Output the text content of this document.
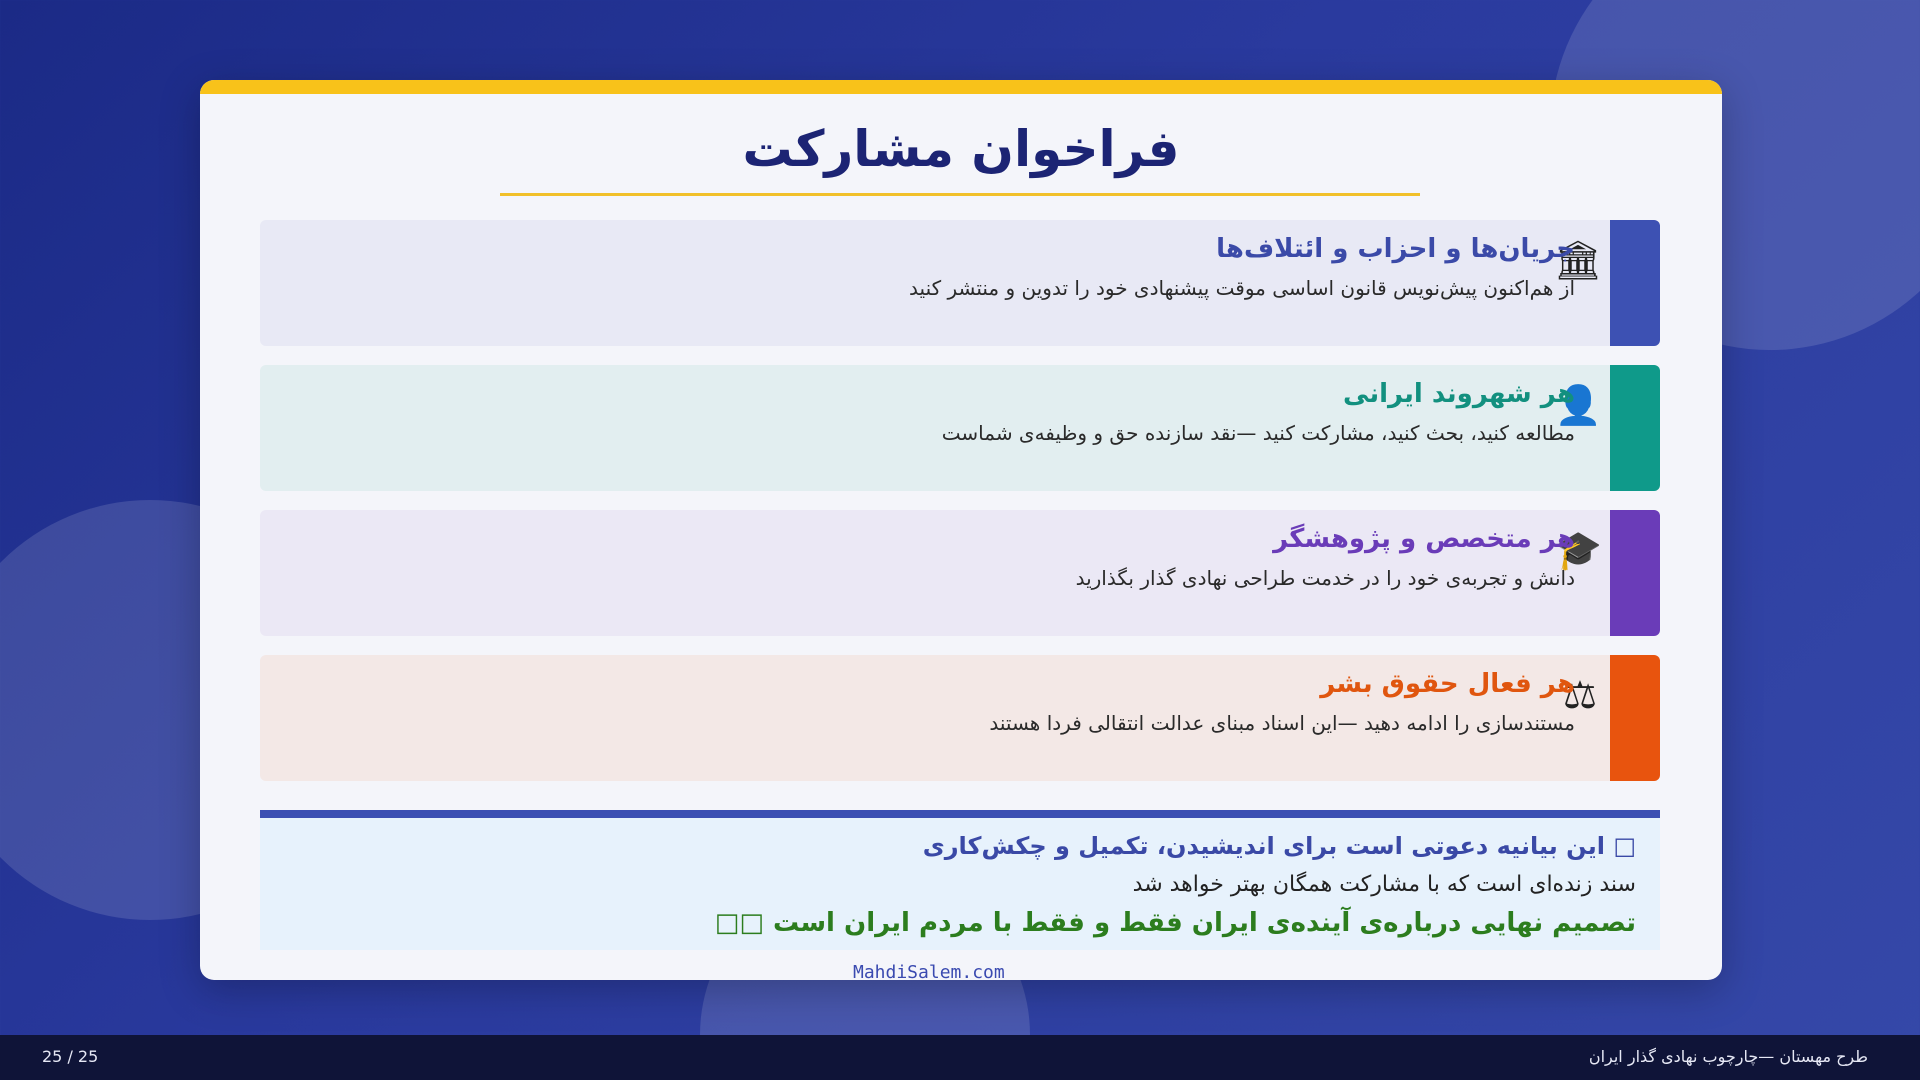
فراخوان مشارکت
🏛
جریان‌ها و احزاب و ائتلاف‌ها
از هم‌اکنون پیش‌نویس قانون اساسی موقت پیشنهادی خود را تدوین و منتشر کنید
👤
هر شهروند ایرانی
مطالعه کنید، بحث کنید، مشارکت کنید —نقد سازنده حق و وظیفه‌ی شماست
🎓
هر متخصص و پژوهشگر
دانش و تجربه‌ی خود را در خدمت طراحی نهادی گذار بگذارید
⚖
هر فعال حقوق بشر
مستندسازی را ادامه دهید —این اسناد مبنای عدالت انتقالی فردا هستند
□ این بیانیه دعوتی است برای اندیشیدن، تکمیل و چکش‌کاری
سند زنده‌ای است که با مشارکت همگان بهتر خواهد شد
تصمیم نهایی درباره‌ی آینده‌ی ایران فقط و فقط با مردم ایران است □□
MahdiSalem.com
25 / 25	طرح مهستان —چارچوب نهادی گذار ایران
